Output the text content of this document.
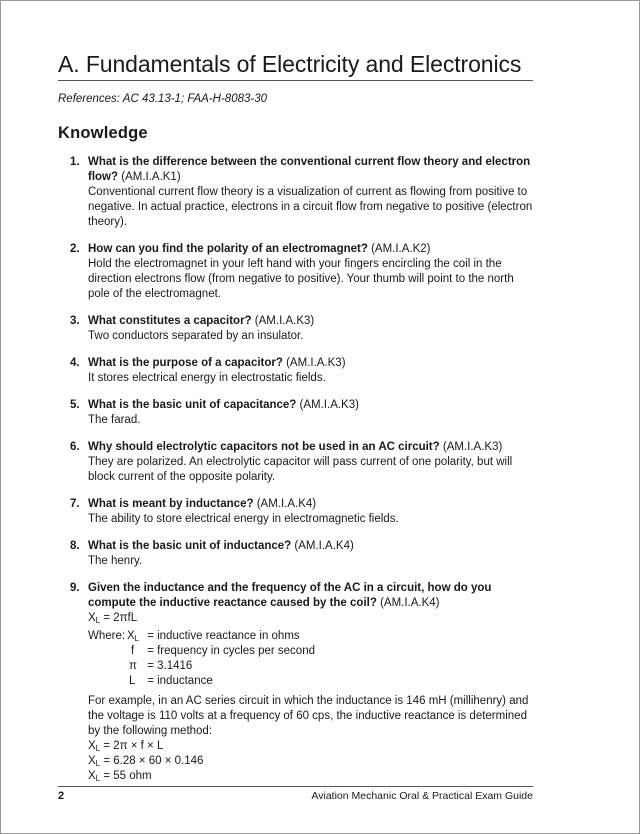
A. Fundamentals of Electricity and Electronics
References: AC 43.13-1; FAA-H-8083-30
Knowledge
1. What is the difference between the conventional current flow theory and electron flow? (AM.I.A.K1)

Conventional current flow theory is a visualization of current as flowing from positive to negative. In actual practice, electrons in a circuit flow from negative to positive (electron theory).

2. How can you find the polarity of an electromagnet? (AM.I.A.K2)

Hold the electromagnet in your left hand with your fingers encircling the coil in the direction electrons flow (from negative to positive). Your thumb will point to the north pole of the electromagnet.

3. What constitutes a capacitor? (AM.I.A.K3)

Two conductors separated by an insulator.

4. What is the purpose of a capacitor? (AM.I.A.K3)

It stores electrical energy in electrostatic fields.

5. What is the basic unit of capacitance? (AM.I.A.K3)

The farad.

6. Why should electrolytic capacitors not be used in an AC circuit? (AM.I.A.K3)

They are polarized. An electrolytic capacitor will pass current of one polarity, but will block current of the opposite polarity.

7. What is meant by inductance? (AM.I.A.K4)

The ability to store electrical energy in electromagnetic fields.

8. What is the basic unit of inductance? (AM.I.A.K4)

The henry.

9. Given the inductance and the frequency of the AC in a circuit, how do you compute the inductive reactance caused by the coil? (AM.I.A.K4)

$X_L = 2\pi fL$

Where: $X_L$ = inductive reactance in ohms
f = frequency in cycles per second
π = 3.1416
L = inductance

For example, in an AC series circuit in which the inductance is 146 mH (millihenry) and the voltage is 110 volts at a frequency of 60 cps, the inductive reactance is determined by the following method:

$X_L = 2\pi \times f \times L$

$X_L = 6.28 \times 60 \times 0.146$

$X_L = 55$ ohm

2	Aviation Mechanic Oral & Practical Exam Guide
